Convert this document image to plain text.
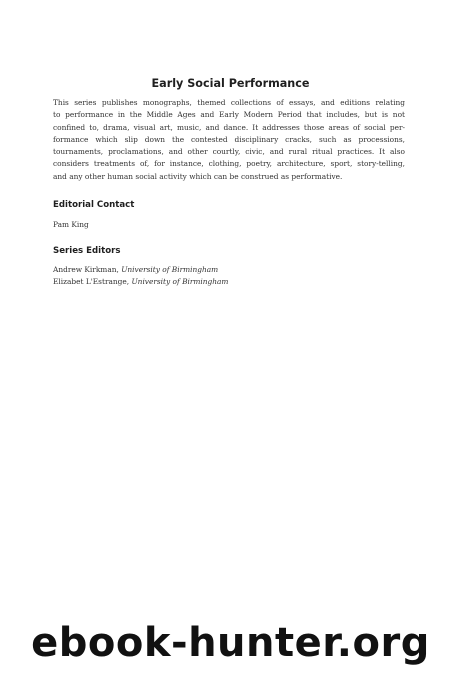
Early Social Performance

This series publishes monographs, themed collections of essays, and editions relating
to performance in the Middle Ages and Early Modern Period that includes, but is not
confined to, drama, visual art, music, and dance. It addresses those areas of social per-
formance which slip down the contested disciplinary cracks, such as processions,
tournaments, proclamations, and other courtly, civic, and rural ritual practices. It also
considers treatments of, for instance, clothing, poetry, architecture, sport, story-telling,
and any other human social activity which can be construed as performative.

Editorial Contact

Pam King

Series Editors
Andrew Kirkman, University of Birmingham
Elizabet L'Estrange, University of Birmingham
ebook-hunter.org
